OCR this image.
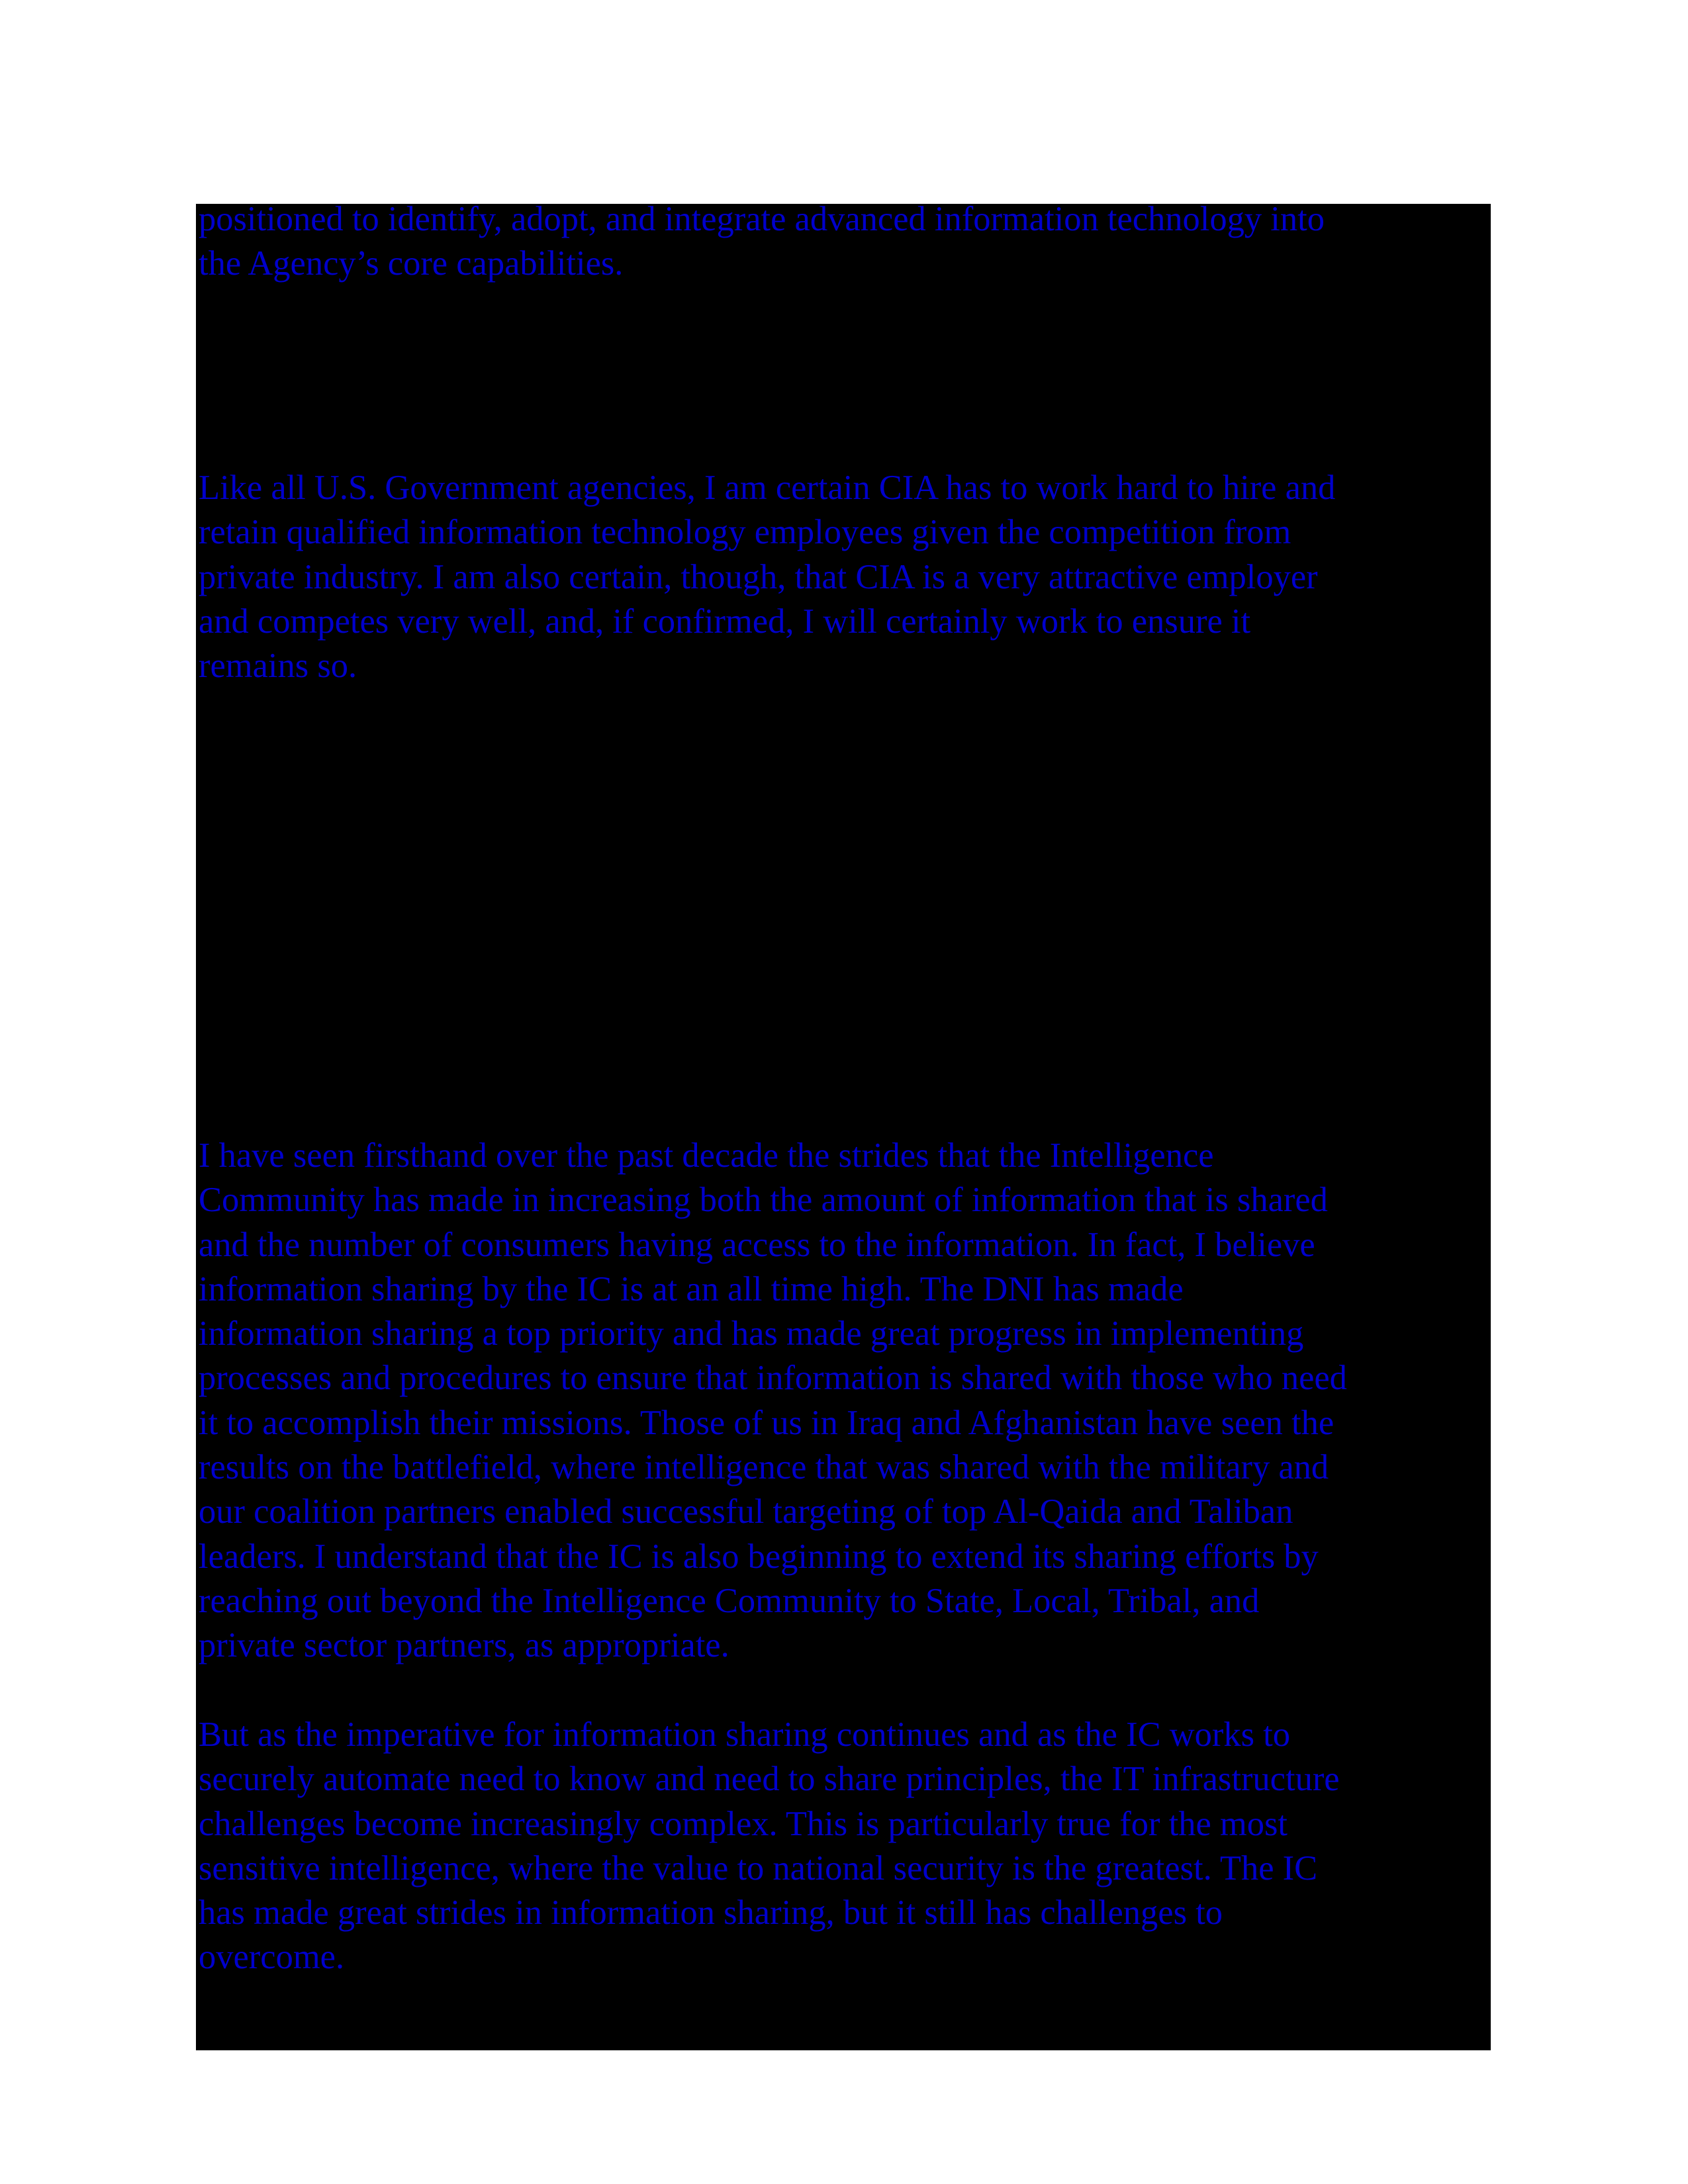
positioned to identify, adopt, and integrate advanced information technology into
the Agency’s core capabilities.

Like all U.S. Government agencies, I am certain CIA has to work hard to hire and
retain qualified information technology employees given the competition from
private industry. I am also certain, though, that CIA is a very attractive employer
and competes very well, and, if confirmed, I will certainly work to ensure it
remains so.

I have seen firsthand over the past decade the strides that the Intelligence
Community has made in increasing both the amount of information that is shared
and the number of consumers having access to the information. In fact, I believe
information sharing by the IC is at an all time high. The DNI has made
information sharing a top priority and has made great progress in implementing
processes and procedures to ensure that information is shared with those who need
it to accomplish their missions. Those of us in Iraq and Afghanistan have seen the
results on the battlefield, where intelligence that was shared with the military and
our coalition partners enabled successful targeting of top Al-Qaida and Taliban
leaders. I understand that the IC is also beginning to extend its sharing efforts by
reaching out beyond the Intelligence Community to State, Local, Tribal, and
private sector partners, as appropriate.

But as the imperative for information sharing continues and as the IC works to
securely automate need to know and need to share principles, the IT infrastructure
challenges become increasingly complex. This is particularly true for the most
sensitive intelligence, where the value to national security is the greatest. The IC
has made great strides in information sharing, but it still has challenges to
overcome.
